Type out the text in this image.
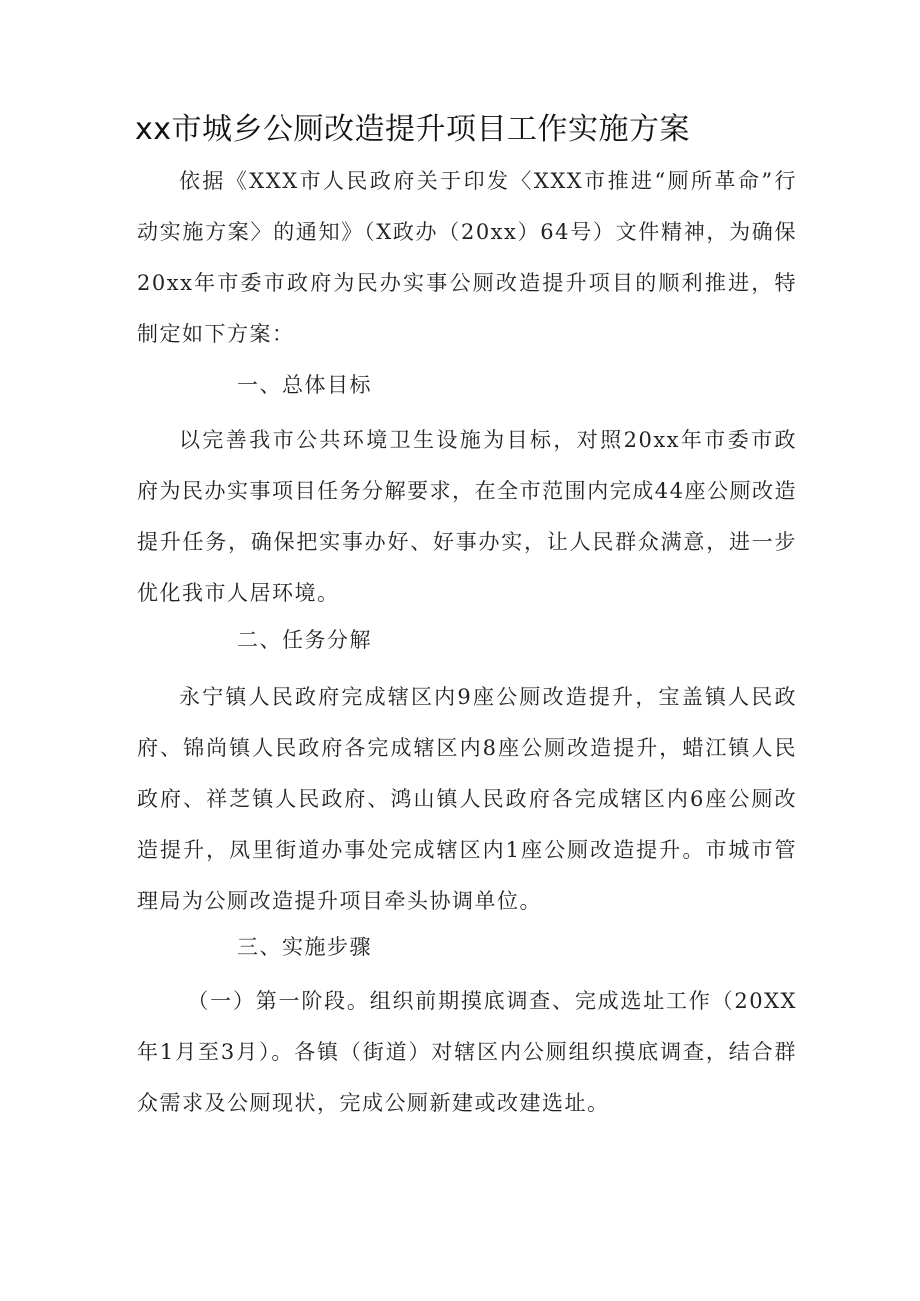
xx市城乡公厕改造提升项目工作实施方案

依据《XXX市人民政府关于印发〈XXX市推进“厕所革命”行动实施方案〉的通知》（X政办（20xx）64号）文件精神，为确保20xx年市委市政府为民办实事公厕改造提升项目的顺利推进，特制定如下方案：

一、总体目标

以完善我市公共环境卫生设施为目标，对照20xx年市委市政府为民办实事项目任务分解要求，在全市范围内完成44座公厕改造提升任务，确保把实事办好、好事办实，让人民群众满意，进一步优化我市人居环境。

二、任务分解

永宁镇人民政府完成辖区内9座公厕改造提升，宝盖镇人民政府、锦尚镇人民政府各完成辖区内8座公厕改造提升，蜡江镇人民政府、祥芝镇人民政府、鸿山镇人民政府各完成辖区内6座公厕改造提升，凤里街道办事处完成辖区内1座公厕改造提升。市城市管理局为公厕改造提升项目牵头协调单位。

三、实施步骤

（一）第一阶段。组织前期摸底调查、完成选址工作（20XX年1月至3月）。各镇（街道）对辖区内公厕组织摸底调查，结合群众需求及公厕现状，完成公厕新建或改建选址。
